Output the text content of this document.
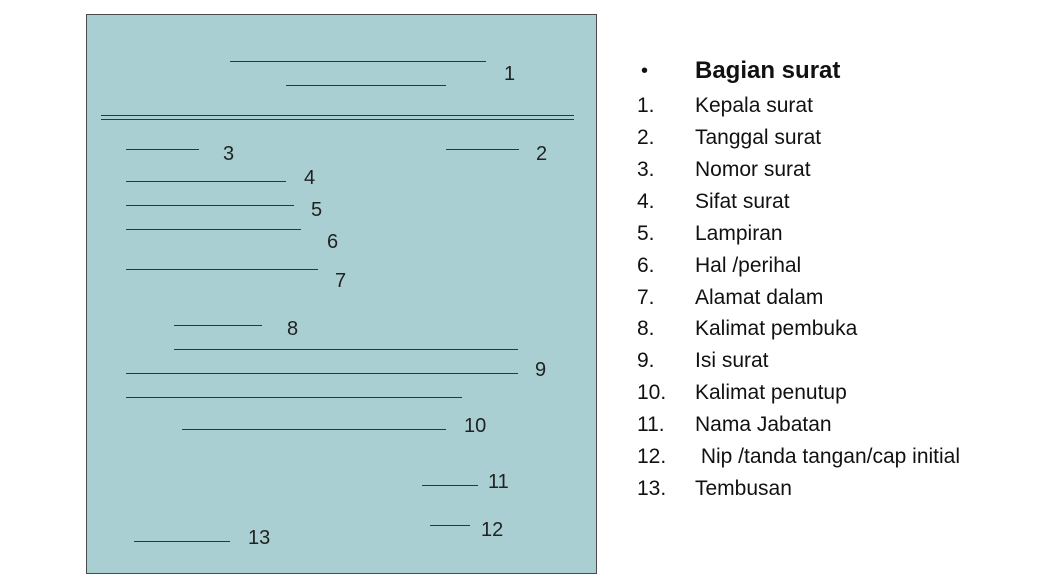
1
2
3
4
5
6
7
8
9
10
11
12
13
•	Bagian surat
1.	Kepala surat
2.	Tanggal surat
3.	Nomor surat
4.	Sifat surat
5.	Lampiran
6.	Hal /perihal
7.	Alamat dalam
8.	Kalimat pembuka
9.	Isi surat
10.	Kalimat penutup
11.	Nama Jabatan
12.	Nip /tanda tangan/cap initial
13.	Tembusan
